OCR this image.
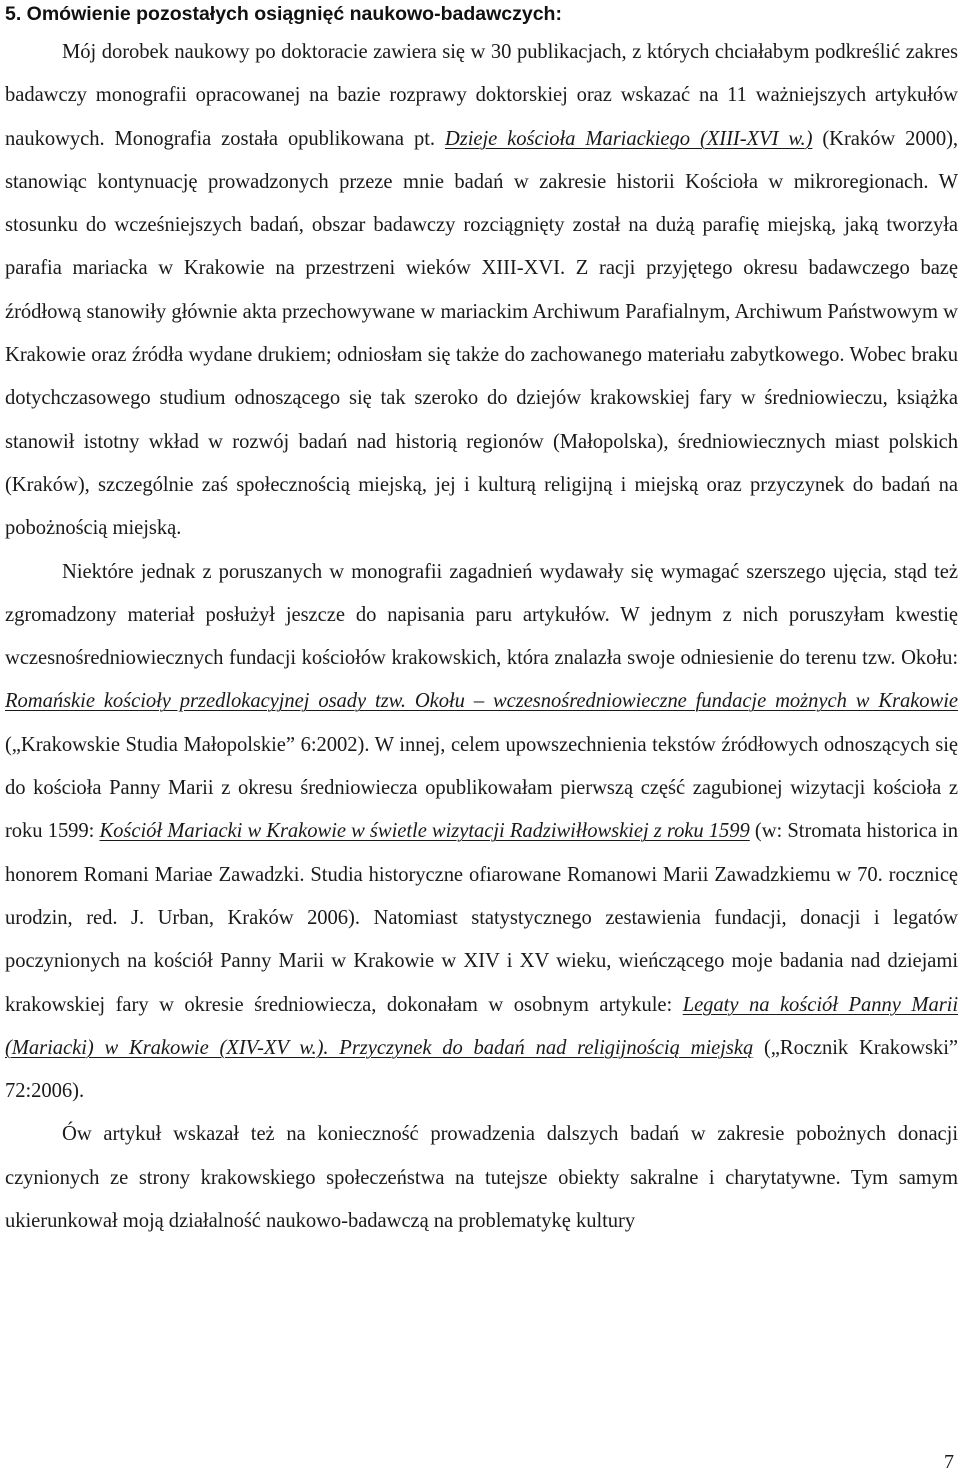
5. Omówienie pozostałych osiągnięć naukowo-badawczych:

Mój dorobek naukowy po doktoracie zawiera się w 30 publikacjach, z których chciałabym podkreślić zakres badawczy monografii opracowanej na bazie rozprawy doktorskiej oraz wskazać na 11 ważniejszych artykułów naukowych. Monografia została opublikowana pt. Dzieje kościoła Mariackiego (XIII-XVI w.) (Kraków 2000), stanowiąc kontynuację prowadzonych przeze mnie badań w zakresie historii Kościoła w mikroregionach. W stosunku do wcześniejszych badań, obszar badawczy rozciągnięty został na dużą parafię miejską, jaką tworzyła parafia mariacka w Krakowie na przestrzeni wieków XIII-XVI. Z racji przyjętego okresu badawczego bazę źródłową stanowiły głównie akta przechowywane w mariackim Archiwum Parafialnym, Archiwum Państwowym w Krakowie oraz źródła wydane drukiem; odniosłam się także do zachowanego materiału zabytkowego. Wobec braku dotychczasowego studium odnoszącego się tak szeroko do dziejów krakowskiej fary w średniowieczu, książka stanowił istotny wkład w rozwój badań nad historią regionów (Małopolska), średniowiecznych miast polskich (Kraków), szczególnie zaś społecznością miejską, jej i kulturą religijną i miejską oraz przyczynek do badań na pobożnością miejską.

Niektóre jednak z poruszanych w monografii zagadnień wydawały się wymagać szerszego ujęcia, stąd też zgromadzony materiał posłużył jeszcze do napisania paru artykułów. W jednym z nich poruszyłam kwestię wczesnośredniowiecznych fundacji kościołów krakowskich, która znalazła swoje odniesienie do terenu tzw. Okołu: Romańskie kościoły przedlokacyjnej osady tzw. Okołu – wczesnośredniowieczne fundacje możnych w Krakowie („Krakowskie Studia Małopolskie” 6:2002). W innej, celem upowszechnienia tekstów źródłowych odnoszących się do kościoła Panny Marii z okresu średniowiecza opublikowałam pierwszą część zagubionej wizytacji kościoła z roku 1599: Kościół Mariacki w Krakowie w świetle wizytacji Radziwiłłowskiej z roku 1599 (w: Stromata historica in honorem Romani Mariae Zawadzki. Studia historyczne ofiarowane Romanowi Marii Zawadzkiemu w 70. rocznicę urodzin, red. J. Urban, Kraków 2006). Natomiast statystycznego zestawienia fundacji, donacji i legatów poczynionych na kościół Panny Marii w Krakowie w XIV i XV wieku, wieńczącego moje badania nad dziejami krakowskiej fary w okresie średniowiecza, dokonałam w osobnym artykule: Legaty na kościół Panny Marii (Mariacki) w Krakowie (XIV-XV w.). Przyczynek do badań nad religijnością miejską („Rocznik Krakowski” 72:2006).

Ów artykuł wskazał też na konieczność prowadzenia dalszych badań w zakresie pobożnych donacji czynionych ze strony krakowskiego społeczeństwa na tutejsze obiekty sakralne i charytatywne. Tym samym ukierunkował moją działalność naukowo-badawczą na problematykę kultury

7
